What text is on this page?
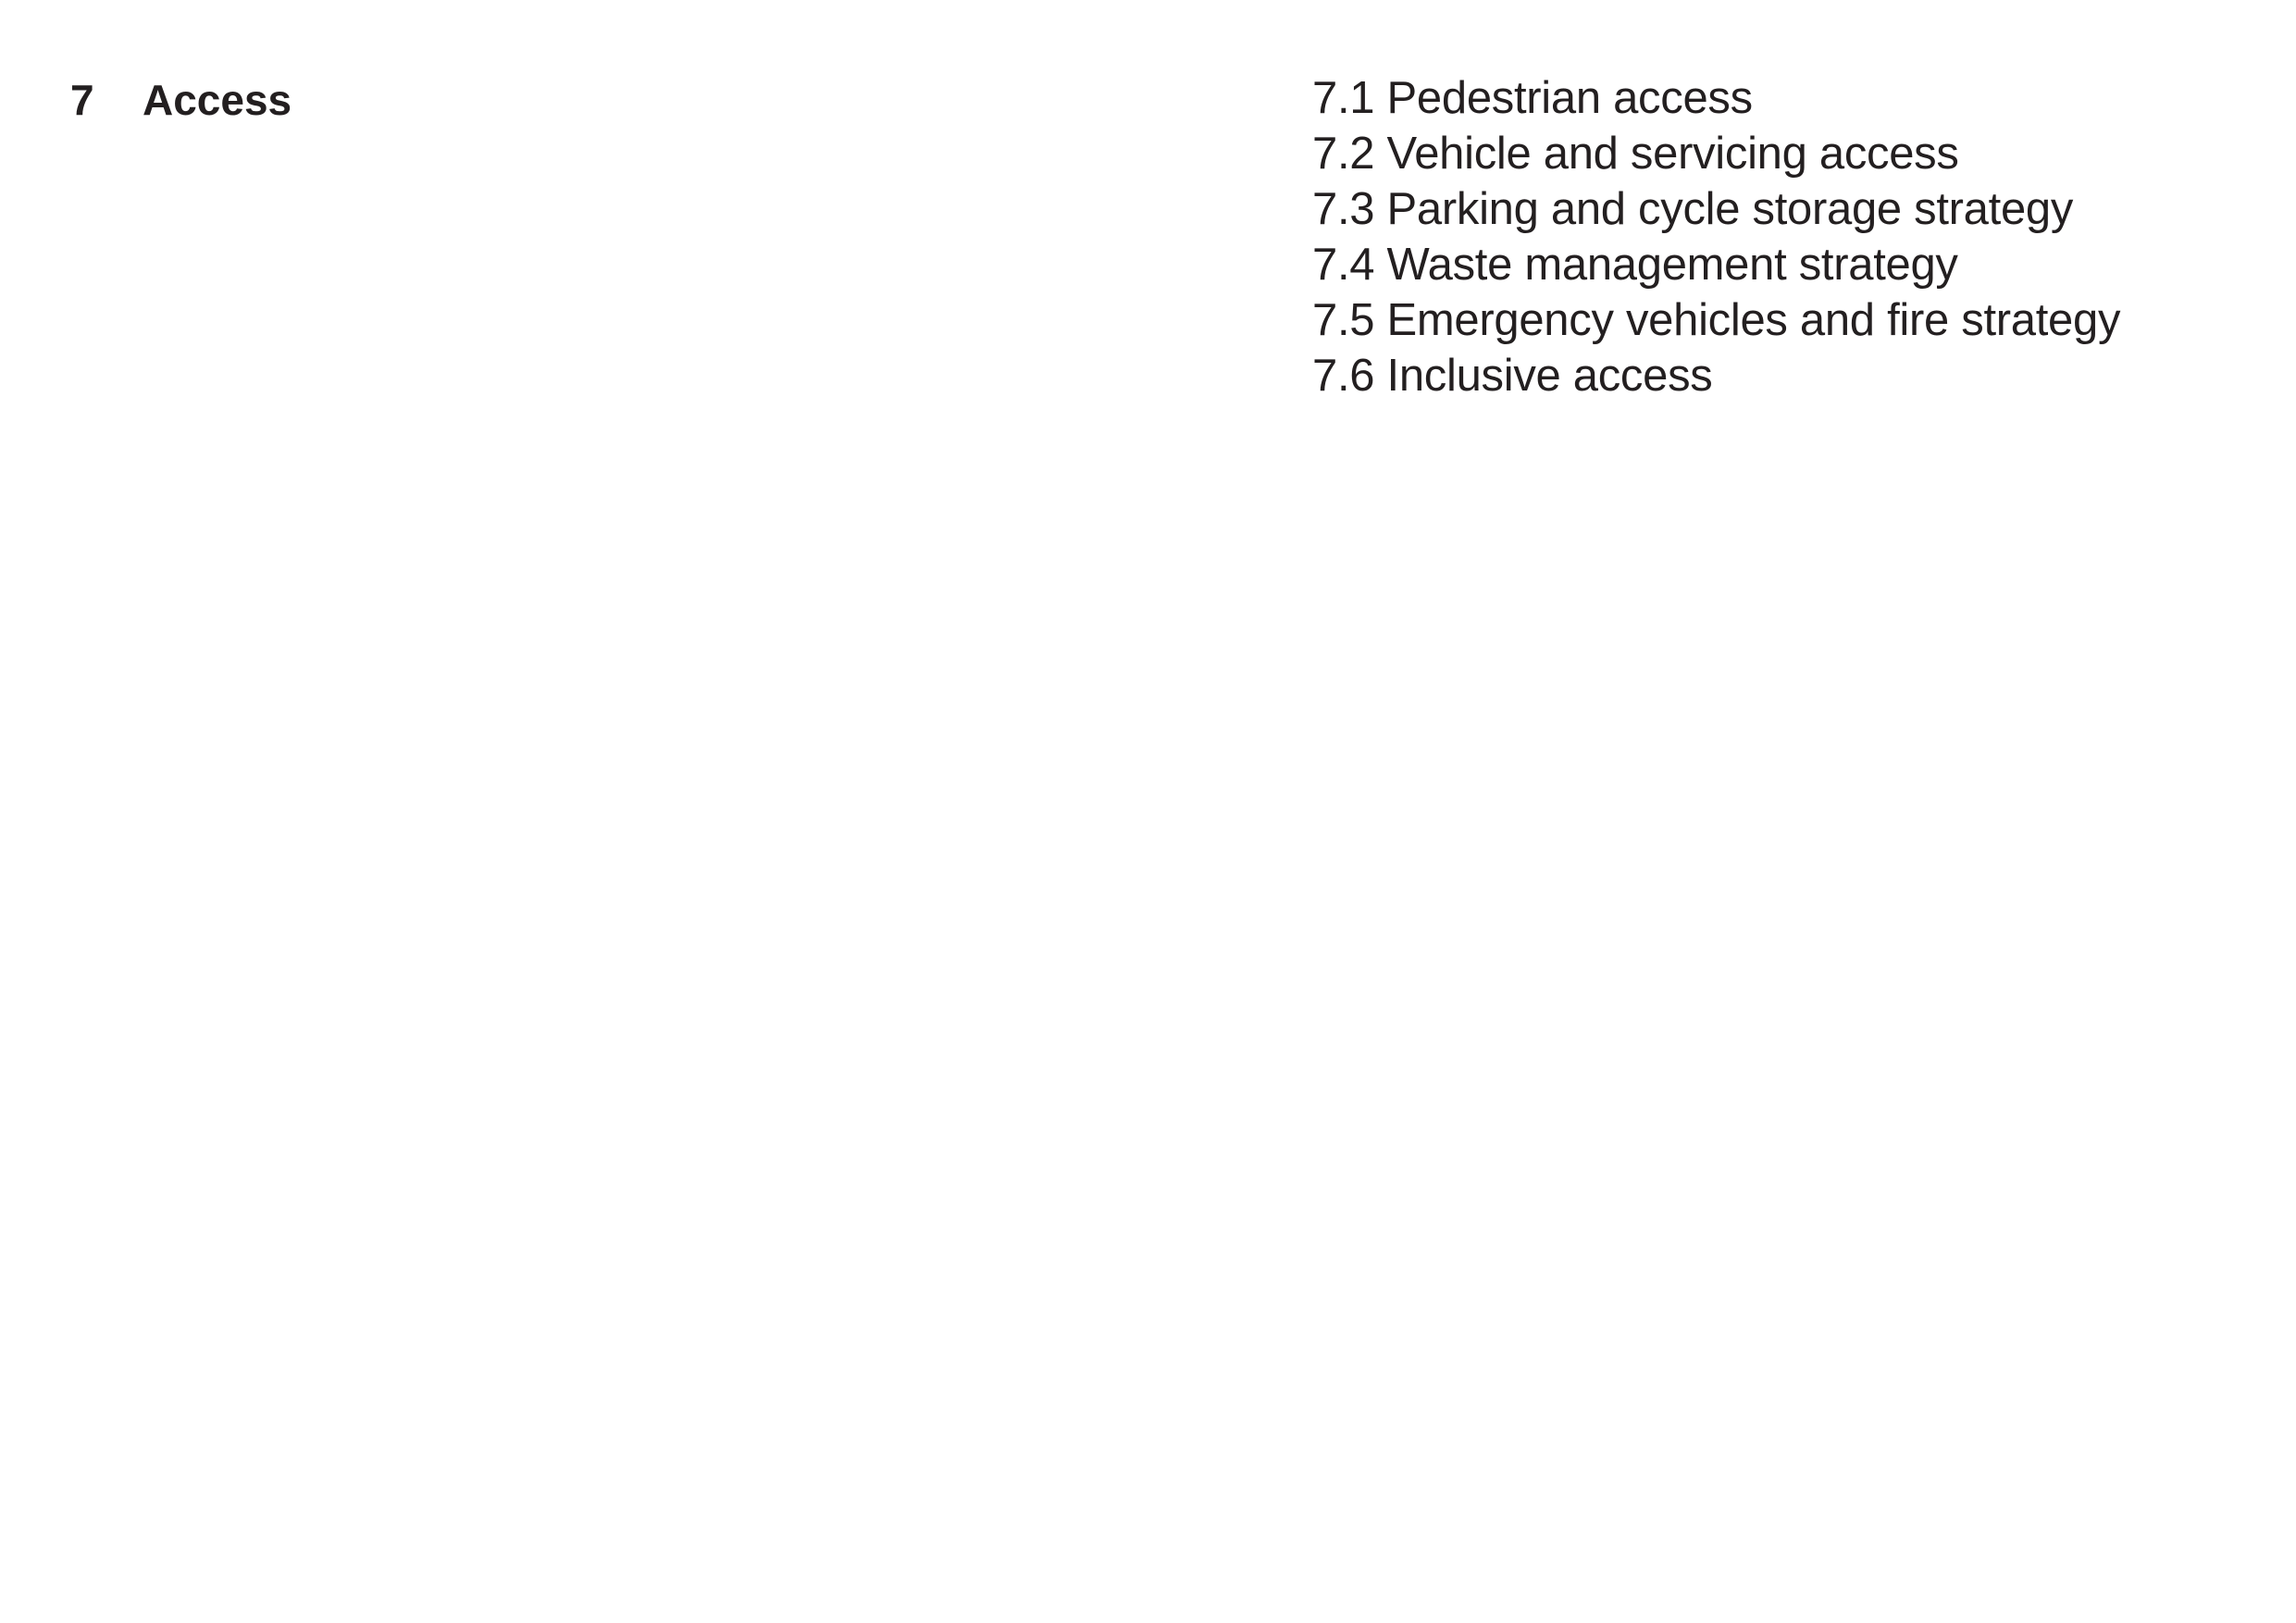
7	Access	7.1 Pedestrian access
7.2 Vehicle and servicing access
7.3 Parking and cycle storage strategy
7.4 Waste management strategy
7.5 Emergency vehicles and fire strategy
7.6 Inclusive access
